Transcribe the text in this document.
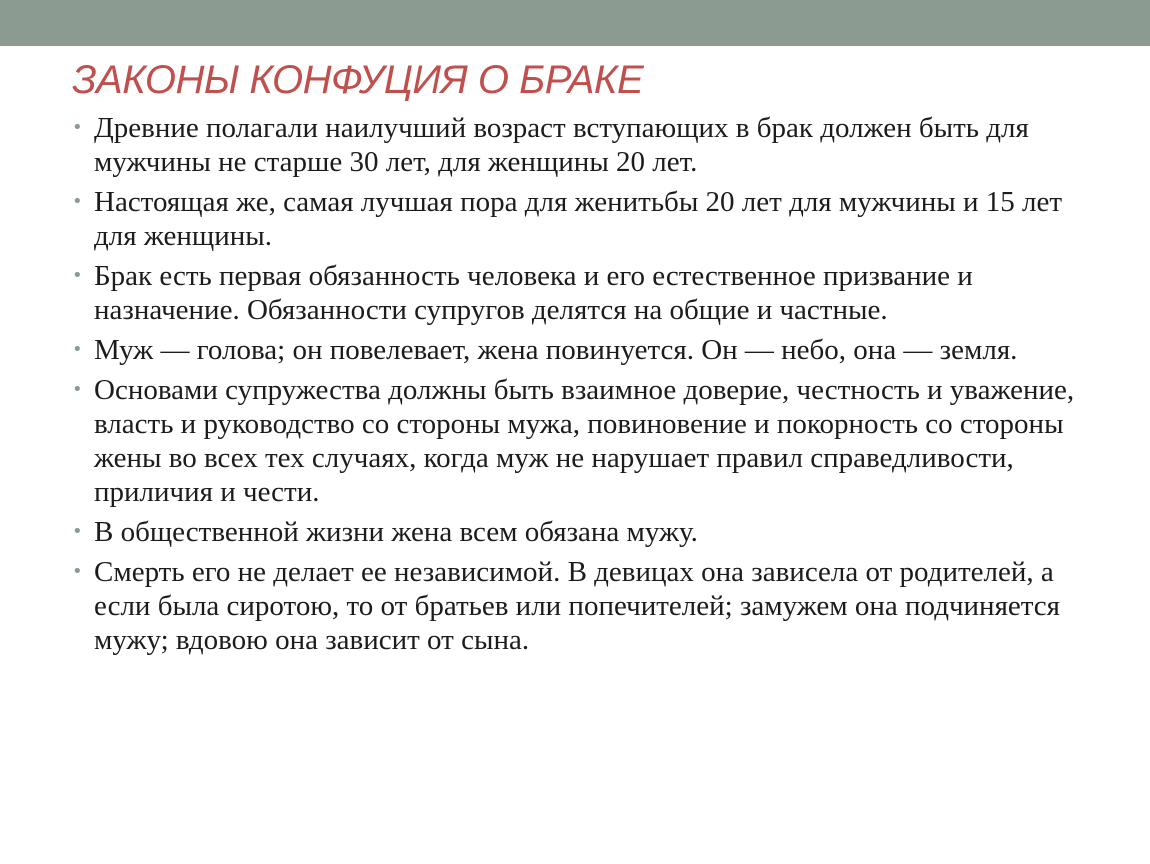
ЗАКОНЫ КОНФУЦИЯ О БРАКЕ
• Древние полагали наилучший возраст вступающих в брак должен быть для мужчины не старше 30 лет, для женщины 20 лет.
• Настоящая же, самая лучшая пора для женитьбы 20 лет для мужчины и 15 лет для женщины.
• Брак есть первая обязанность человека и его естественное призвание и назначение. Обязанности супругов делятся на общие и частные.
• Муж — голова; он повелевает, жена повинуется. Он — небо, она — земля.
• Основами супружества должны быть взаимное доверие, честность и уважение, власть и руководство со стороны мужа, повиновение и покорность со стороны жены во всех тех случаях, когда муж не нарушает правил справедливости, приличия и чести.
• В общественной жизни жена всем обязана мужу.
• Смерть его не делает ее независимой. В девицах она зависела от родителей, а если была сиротою, то от братьев или попечителей; замужем она подчиняется мужу; вдовою она зависит от сына.
